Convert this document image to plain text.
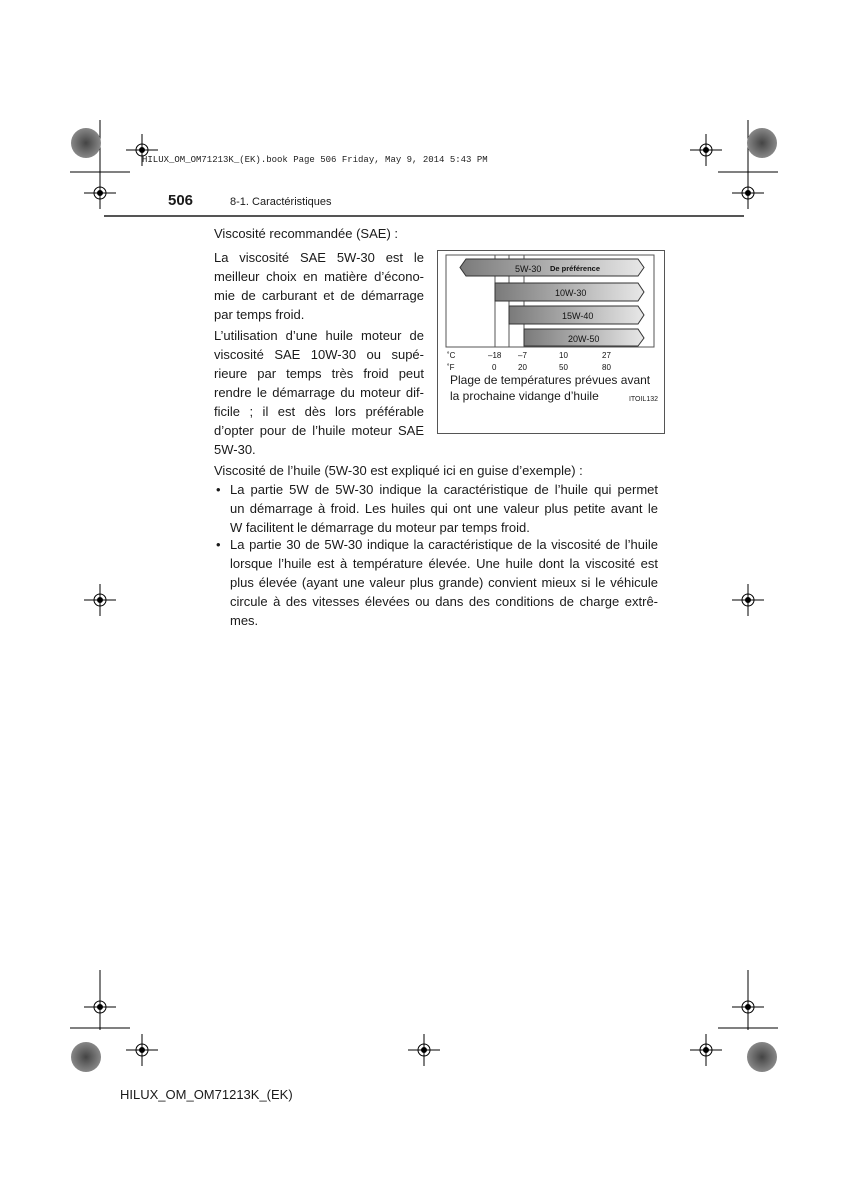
HILUX_OM_OM71213K_(EK).book Page 506 Friday, May 9, 2014 5:43 PM
506	8-1. Caractéristiques
Viscosité recommandée (SAE) :
La viscosité SAE 5W-30 est le
meilleur choix en matière d’écono-
mie de carburant et de démarrage
par temps froid.
L’utilisation d’une huile moteur de
viscosité SAE 10W-30 ou supé-
rieure par temps très froid peut
rendre le démarrage du moteur dif-
ficile ; il est dès lors préférable
d’opter pour de l’huile moteur SAE
5W-30.
5W-30 De préférence
10W-30
15W-40
20W-50
˚C	–18 –7	10	27
˚F	0	20	50	80
Plage de températures prévues avant
la prochaine vidange d’huile	ITOIL132
Viscosité de l’huile (5W-30 est expliqué ici en guise d’exemple) :
• La partie 5W de 5W-30 indique la caractéristique de l’huile qui permet
un démarrage à froid. Les huiles qui ont une valeur plus petite avant le
W facilitent le démarrage du moteur par temps froid.
• La partie 30 de 5W-30 indique la caractéristique de la viscosité de l’huile
lorsque l’huile est à température élevée. Une huile dont la viscosité est
plus élevée (ayant une valeur plus grande) convient mieux si le véhicule
circule à des vitesses élevées ou dans des conditions de charge extrê-
mes.
HILUX_OM_OM71213K_(EK)
